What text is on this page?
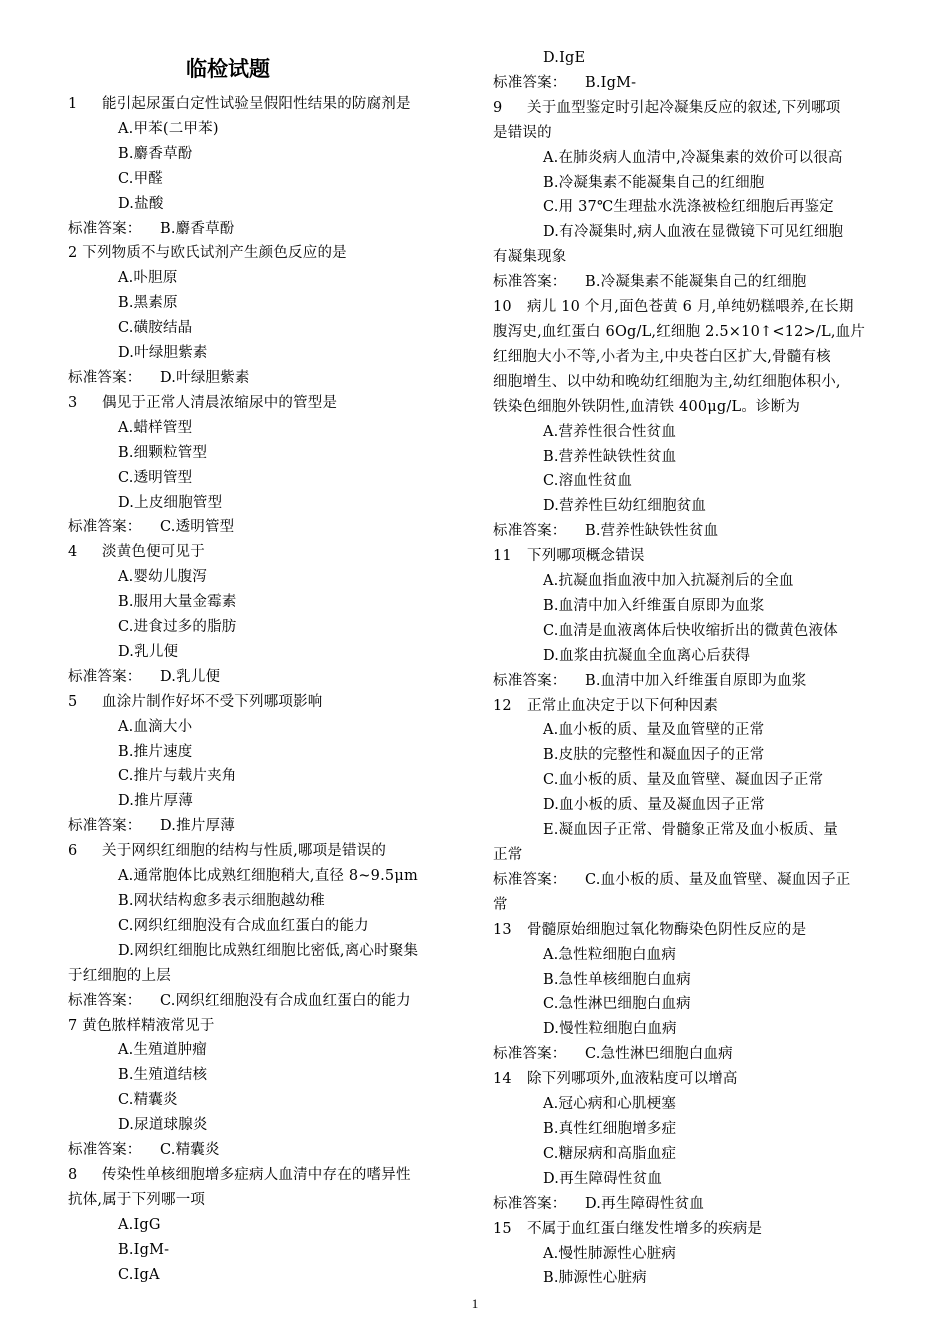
临检试题
1 能引起尿蛋白定性试验呈假阳性结果的防腐剂是
A.甲苯(二甲苯)
B.麝香草酚
C.甲醛
D.盐酸
标准答案： B.麝香草酚
2 下列物质不与欧氏试剂产生颜色反应的是
A.卟胆原
B.黑素原
C.磺胺结晶
D.叶绿胆紫素
标准答案： D.叶绿胆紫素
3 偶见于正常人清晨浓缩尿中的管型是
A.蜡样管型
B.细颗粒管型
C.透明管型
D.上皮细胞管型
标准答案： C.透明管型
4 淡黄色便可见于
A.婴幼儿腹泻
B.服用大量金霉素
C.进食过多的脂肪
D.乳儿便
标准答案： D.乳儿便
5 血涂片制作好坏不受下列哪项影响
A.血滴大小
B.推片速度
C.推片与载片夹角
D.推片厚薄
标准答案： D.推片厚薄
6 关于网织红细胞的结构与性质,哪项是错误的
A.通常胞体比成熟红细胞稍大,直径 8~9.5μm
B.网状结构愈多表示细胞越幼稚
C.网织红细胞没有合成血红蛋白的能力
D.网织红细胞比成熟红细胞比密低,离心时聚集
于红细胞的上层
标准答案： C.网织红细胞没有合成血红蛋白的能力
7 黄色脓样精液常见于
A.生殖道肿瘤
B.生殖道结核
C.精囊炎
D.尿道球腺炎
标准答案： C.精囊炎
8 传染性单核细胞增多症病人血清中存在的嗜异性
抗体,属于下列哪一项
A.IgG
B.IgM-
C.IgA
D.IgE
标准答案： B.IgM-
9 关于血型鉴定时引起冷凝集反应的叙述,下列哪项
是错误的
A.在肺炎病人血清中,冷凝集素的效价可以很高
B.冷凝集素不能凝集自己的红细胞
C.用 37℃生理盐水洗涤被检红细胞后再鉴定
D.有冷凝集时,病人血液在显微镜下可见红细胞
有凝集现象
标准答案： B.冷凝集素不能凝集自己的红细胞
10 病儿 10 个月,面色苍黄 6 月,单纯奶糕喂养,在长期
腹泻史,血红蛋白 6Og/L,红细胞 2.5×10↑<12>/L,血片
红细胞大小不等,小者为主,中央苍白区扩大,骨髓有核
细胞增生、以中幼和晚幼红细胞为主,幼红细胞体积小,
铁染色细胞外铁阴性,血清铁 400μg/L。诊断为
A.营养性很合性贫血
B.营养性缺铁性贫血
C.溶血性贫血
D.营养性巨幼红细胞贫血
标准答案： B.营养性缺铁性贫血
11 下列哪项概念错误
A.抗凝血指血液中加入抗凝剂后的全血
B.血清中加入纤维蛋自原即为血浆
C.血清是血液离体后快收缩折出的微黄色液体
D.血浆由抗凝血全血离心后获得
标准答案： B.血清中加入纤维蛋自原即为血浆
12 正常止血决定于以下何种因素
A.血小板的质、量及血管壁的正常
B.皮肤的完整性和凝血因子的正常
C.血小板的质、量及血管壁、凝血因子正常
D.血小板的质、量及凝血因子正常
E.凝血因子正常、骨髓象正常及血小板质、量
正常
标准答案： C.血小板的质、量及血管壁、凝血因子正
常
13 骨髓原始细胞过氧化物酶染色阴性反应的是
A.急性粒细胞白血病
B.急性单核细胞白血病
C.急性淋巴细胞白血病
D.慢性粒细胞白血病
标准答案： C.急性淋巴细胞白血病
14 除下列哪项外,血液粘度可以增高
A.冠心病和心肌梗塞
B.真性红细胞增多症
C.糖尿病和高脂血症
D.再生障碍性贫血
标准答案： D.再生障碍性贫血
15 不属于血红蛋白继发性增多的疾病是
A.慢性肺源性心脏病
B.肺源性心脏病
1
